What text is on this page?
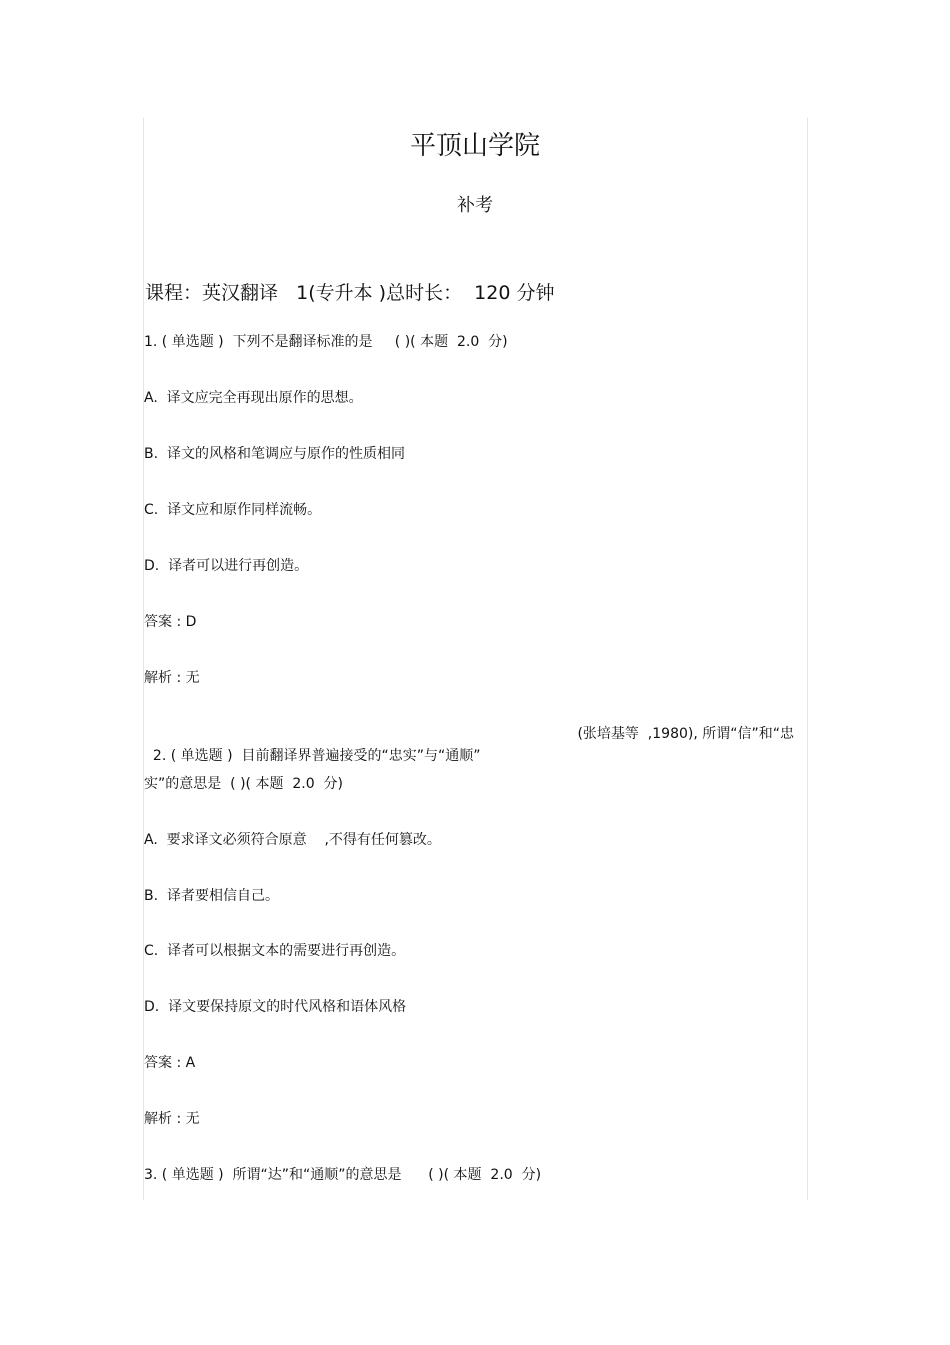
平顶山学院
补考
课程：英汉翻译   1(专升本 )总时长：  120 分钟
1. ( 单选题 )  下列不是翻译标准的是     ( )( 本题  2.0  分)
A.  译文应完全再现出原作的思想。
B.  译文的风格和笔调应与原作的性质相同
C.  译文应和原作同样流畅。
D.  译者可以进行再创造。
答案 : D
解析 : 无

2. ( 单选题 )  目前翻译界普遍接受的“忠实”与“通顺”

(张培基等  ,1980), 所谓“信”和“忠

实”的意思是  ( )( 本题  2.0  分)
A.  要求译文必须符合原意    ,不得有任何篡改。
B.  译者要相信自己。
C.  译者可以根据文本的需要进行再创造。
D.  译文要保持原文的时代风格和语体风格
答案 : A
解析 : 无
3. ( 单选题 )  所谓“达”和“通顺”的意思是      ( )( 本题  2.0  分)
